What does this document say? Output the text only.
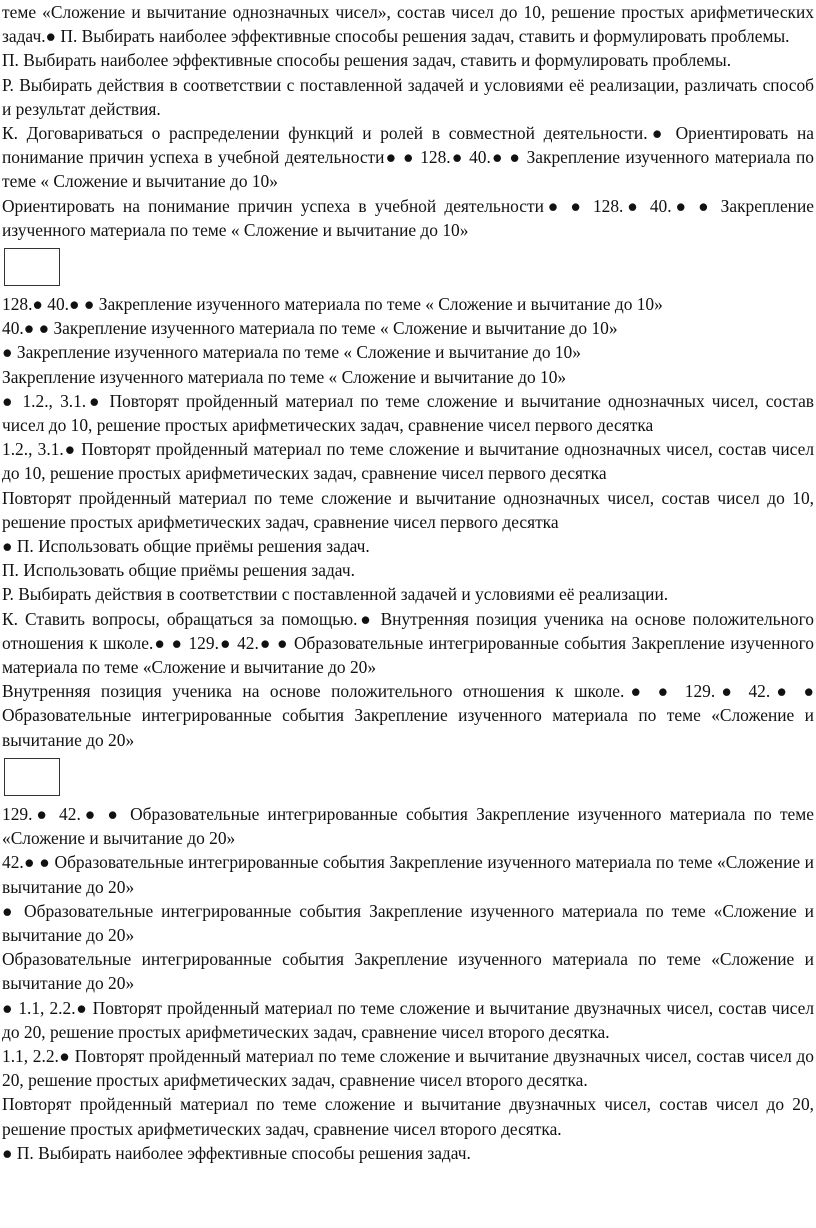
теме «Сложение и вычитание однозначных чисел», состав чисел до 10, решение простых арифметических задач.● П. Выбирать наиболее эффективные способы решения задач, ставить и формулировать проблемы.

П. Выбирать наиболее эффективные способы решения задач, ставить и формулировать проблемы.

Р. Выбирать действия в соответствии с поставленной задачей и условиями её реализации, различать способ и результат действия.

К. Договариваться о распределении функций и ролей в совместной деятельности.● Ориентировать на понимание причин успеха в учебной деятельности● ● 128.● 40.● ● Закрепление изученного материала по теме « Сложение и вычитание до 10»

Ориентировать на понимание причин успеха в учебной деятельности● ● 128.● 40.● ● Закрепление изученного материала по теме « Сложение и вычитание до 10»

128.● 40.● ● Закрепление изученного материала по теме « Сложение и вычитание до 10»

40.● ● Закрепление изученного материала по теме « Сложение и вычитание до 10»

● Закрепление изученного материала по теме « Сложение и вычитание до 10»

Закрепление изученного материала по теме « Сложение и вычитание до 10»

● 1.2., 3.1.● Повторят пройденный материал по теме сложение и вычитание однозначных чисел, состав чисел до 10, решение простых арифметических задач, сравнение чисел первого десятка

1.2., 3.1.● Повторят пройденный материал по теме сложение и вычитание однозначных чисел, состав чисел до 10, решение простых арифметических задач, сравнение чисел первого десятка

Повторят пройденный материал по теме сложение и вычитание однозначных чисел, состав чисел до 10, решение простых арифметических задач, сравнение чисел первого десятка

● П. Использовать общие приёмы решения задач.

П. Использовать общие приёмы решения задач.

Р. Выбирать действия в соответствии с поставленной задачей и условиями её реализации.

К. Ставить вопросы, обращаться за помощью.● Внутренняя позиция ученика на основе положительного отношения к школе.● ● 129.● 42.● ● Образовательные интегрированные события Закрепление изученного материала по теме «Сложение и вычитание до 20»

Внутренняя позиция ученика на основе положительного отношения к школе.● ● 129.● 42.● ● Образовательные интегрированные события Закрепление изученного материала по теме «Сложение и вычитание до 20»

129.● 42.● ● Образовательные интегрированные события Закрепление изученного материала по теме «Сложение и вычитание до 20»

42.● ● Образовательные интегрированные события Закрепление изученного материала по теме «Сложение и вычитание до 20»

● Образовательные интегрированные события Закрепление изученного материала по теме «Сложение и вычитание до 20»

Образовательные интегрированные события Закрепление изученного материала по теме «Сложение и вычитание до 20»

● 1.1, 2.2.● Повторят пройденный материал по теме сложение и вычитание двузначных чисел, состав чисел до 20, решение простых арифметических задач, сравнение чисел второго десятка.

1.1, 2.2.● Повторят пройденный материал по теме сложение и вычитание двузначных чисел, состав чисел до 20, решение простых арифметических задач, сравнение чисел второго десятка.

Повторят пройденный материал по теме сложение и вычитание двузначных чисел, состав чисел до 20, решение простых арифметических задач, сравнение чисел второго десятка.

● П. Выбирать наиболее эффективные способы решения задач.
